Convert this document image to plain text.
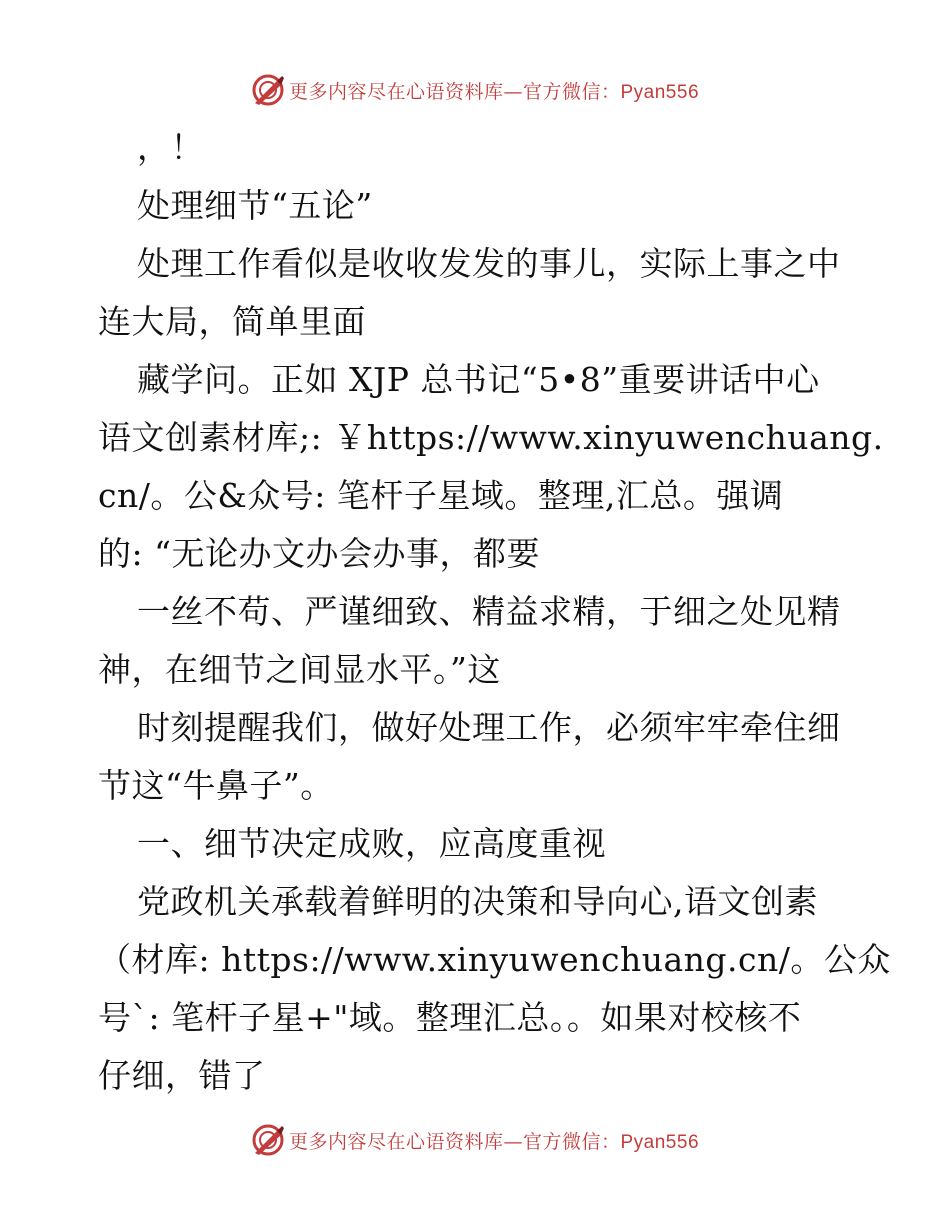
更多内容尽在心语资料库—官方微信：Pyan556
，！
处理细节“五论”
处理工作看似是收收发发的事儿，实际上事之中
连大局，简单里面
藏学问。正如 XJP 总书记“5•8”重要讲话中心
语文创素材库;: ￥https://www.xinyuwenchuang.
cn/。公&众号: 笔杆子星域。整理,汇总。强调
的: “无论办文办会办事，都要
一丝不苟、严谨细致、精益求精，于细之处见精
神，在细节之间显水平。”这
时刻提醒我们，做好处理工作，必须牢牢牵住细
节这“牛鼻子”。
一、细节决定成败，应高度重视
党政机关承载着鲜明的决策和导向心,语文创素
（材库: https://www.xinyuwenchuang.cn/。公众
号`: 笔杆子星+"域。整理汇总。。如果对校核不
仔细，错了
更多内容尽在心语资料库—官方微信：Pyan556
